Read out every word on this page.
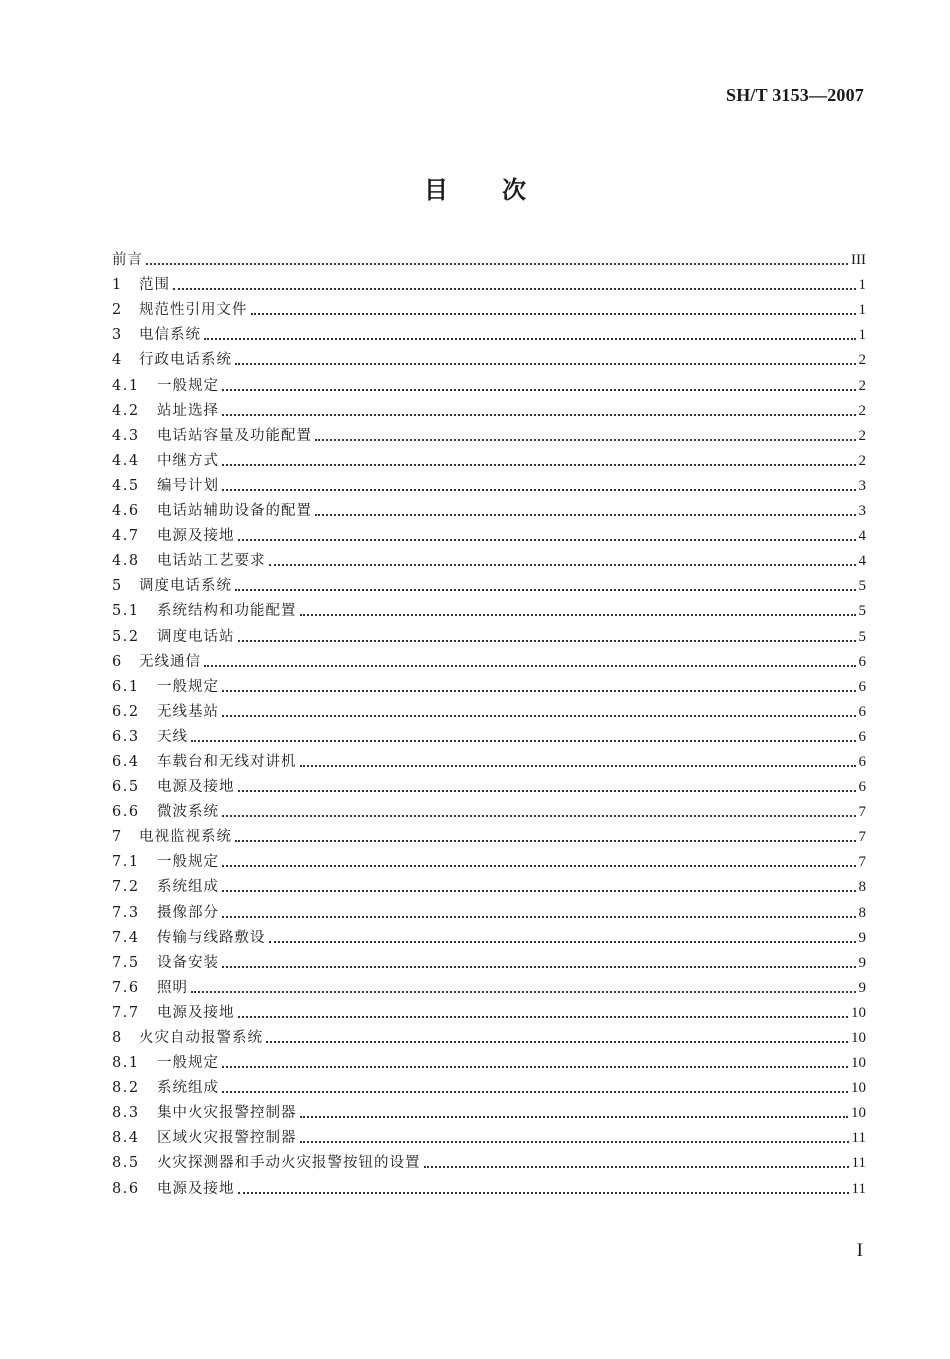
SH/T 3153—2007
目次
前言	III
1	范围	1
2	规范性引用文件	1
3	电信系统	1
4	行政电话系统	2
4.1	一般规定	2
4.2	站址选择	2
4.3	电话站容量及功能配置	2
4.4	中继方式	2
4.5	编号计划	3
4.6	电话站辅助设备的配置	3
4.7	电源及接地	4
4.8	电话站工艺要求	4
5	调度电话系统	5
5.1	系统结构和功能配置	5
5.2	调度电话站	5
6	无线通信	6
6.1	一般规定	6
6.2	无线基站	6
6.3	天线	6
6.4	车载台和无线对讲机	6
6.5	电源及接地	6
6.6	微波系统	7
7	电视监视系统	7
7.1	一般规定	7
7.2	系统组成	8
7.3	摄像部分	8
7.4	传输与线路敷设	9
7.5	设备安装	9
7.6	照明	9
7.7	电源及接地	10
8	火灾自动报警系统	10
8.1	一般规定	10
8.2	系统组成	10
8.3	集中火灾报警控制器	10
8.4	区域火灾报警控制器	11
8.5	火灾探测器和手动火灾报警按钮的设置	11
8.6	电源及接地	11
I
